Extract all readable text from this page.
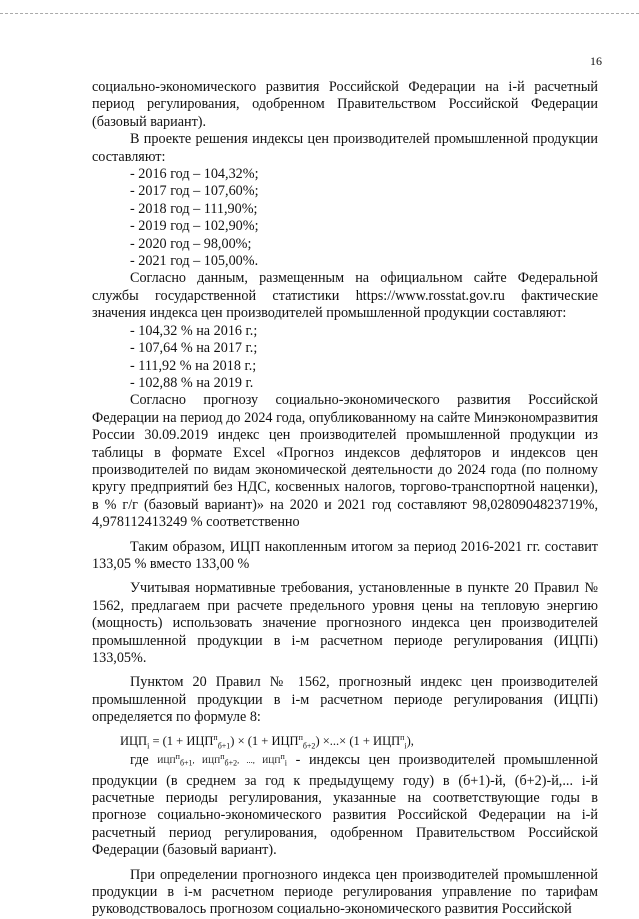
16

социально-экономического развития Российской Федерации на i-й расчетный период регулирования, одобренном Правительством Российской Федерации (базовый вариант).

В проекте решения индексы цен производителей промышленной продукции составляют:

- 2016 год – 104,32%;

- 2017 год – 107,60%;

- 2018 год – 111,90%;

- 2019 год – 102,90%;

- 2020 год – 98,00%;

- 2021 год – 105,00%.

Согласно данным, размещенным на официальном сайте Федеральной службы государственной статистики https://www.rosstat.gov.ru фактические значения индекса цен производителей промышленной продукции составляют:

- 104,32 % на 2016 г.;

- 107,64 % на 2017 г.;

- 111,92 % на 2018 г.;

- 102,88 % на 2019 г.

Согласно прогнозу социально-экономического развития Российской Федерации на период до 2024 года, опубликованному на сайте Минэкономразвития России 30.09.2019 индекс цен производителей промышленной продукции из таблицы в формате Excel «Прогноз индексов дефляторов и индексов цен производителей по видам экономической деятельности до 2024 года (по полному кругу предприятий без НДС, косвенных налогов, торгово-транспортной наценки), в % г/г (базовый вариант)» на 2020 и 2021 год составляют 98,0280904823719%, 4,978112413249 % соответственно

Таким образом, ИЦП накопленным итогом за период 2016-2021 гг. составит 133,05 % вместо 133,00 %

Учитывая нормативные требования, установленные в пункте 20 Правил № 1562, предлагаем при расчете предельного уровня цены на тепловую энергию (мощность) использовать значение прогнозного индекса цен производителей промышленной продукции в i-м расчетном периоде регулирования (ИЦПi) 133,05%.

Пунктом 20 Правил № 1562, прогнозный индекс цен производителей промышленной продукции в i-м расчетном периоде регулирования (ИЦПi) определяется по формуле 8:

$ИЦП_i = (1 + ИЦП^п_{б+1}) \times (1 + ИЦП^п_{б+2})$ ×...× $(1 + ИЦП^п_i)$,

где $ИЦП^п_{б+1}$, $ИЦП^п_{б+2}$, ..., $ИЦП^п_i$ - индексы цен производителей промышленной продукции (в среднем за год к предыдущему году) в (б+1)-й, (б+2)-й,... i-й расчетные периоды регулирования, указанные на соответствующие годы в прогнозе социально-экономического развития Российской Федерации на i-й расчетный период регулирования, одобренном Правительством Российской Федерации (базовый вариант).

При определении прогнозного индекса цен производителей промышленной продукции в i-м расчетном периоде регулирования управление по тарифам руководствовалось прогнозом социально-экономического развития Российской
